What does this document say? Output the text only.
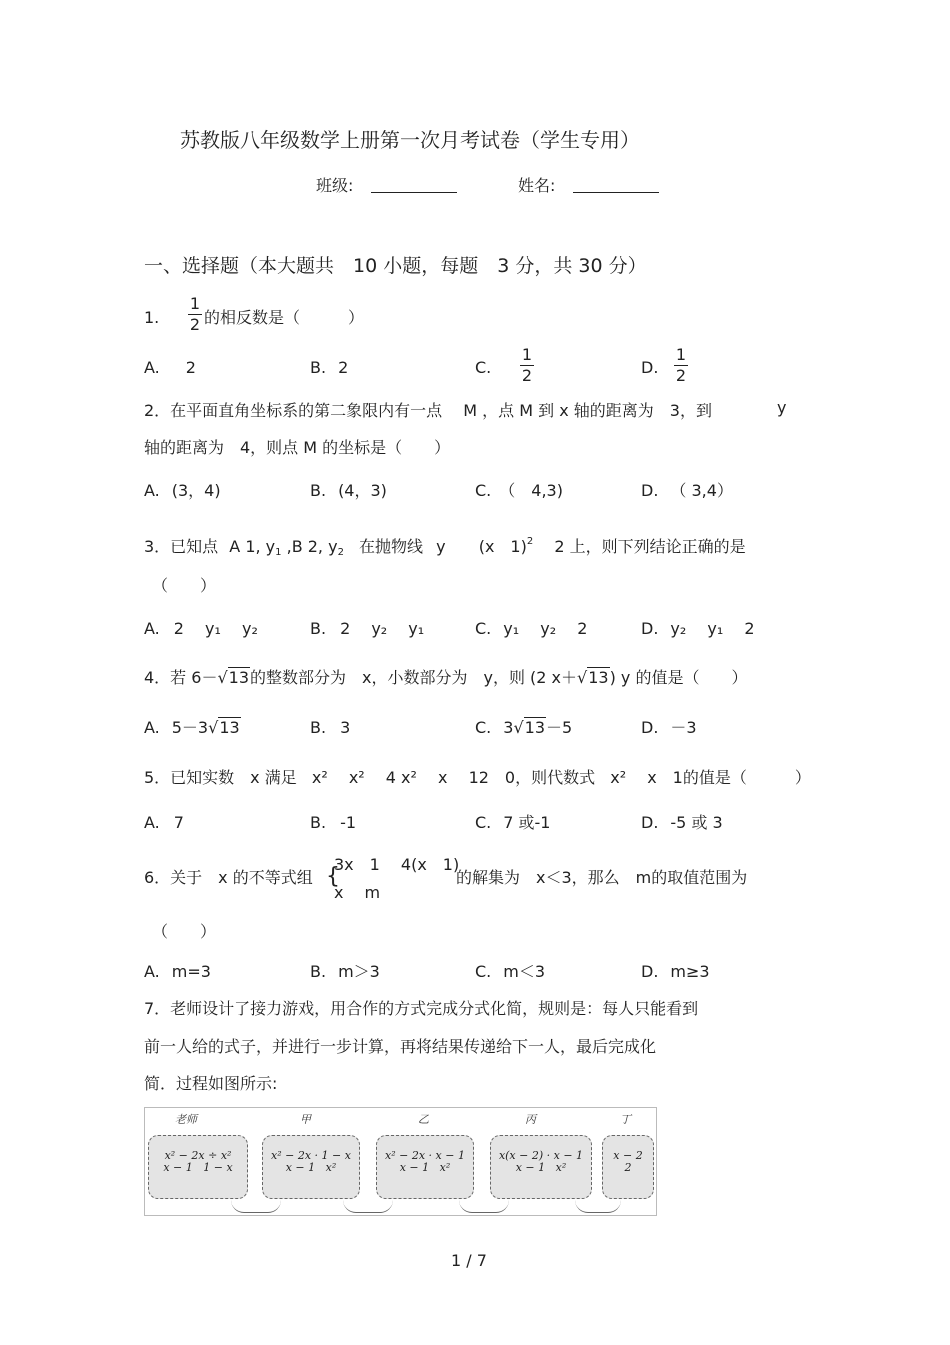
苏教版八年级数学上册第一次月考试卷（学生专用）
班级:	姓名:
一、选择题（本大题共　10 小题，每题　3 分，共 30 分）
1.
1
2 的相反数是（　　　）
A. 2	B. 2	C.
1
2	D.
1
2
2．在平面直角坐标系的第二象限内有一点　 M ，点 M 到 x 轴的距离为　3，到	y
轴的距离为　4，则点 M 的坐标是（　　）
A. (3，4)	B. (4，3)	C. （　4,3)	D. （ 3,4）
3．已知点 A 1, $y_1$ ,B 2, $y_2$ 在抛物线 y (x　1)$^2$ 2 上，则下列结论正确的是
（　　）
A. 2　 y₁　 y₂	B. 2　 y₂　 y₁	C. y₁　 y₂　 2	D. y₂　 y₁　 2
4．若 6－√13的整数部分为　x，小数部分为　y，则 (2 x＋√13) y 的值是（　　）
A. 5－3√13	B. 3	C. 3√13－5	D. －3
5．已知实数　x 满足 x²　 x²　 4 x²　 x　 12　0，则代数式 x²　 x　1的值是（　　　）
A. 7	B. -1	C. 7 或-1	D. -5 或 3
6．关于　x 的不等式组 {
3x　1　 4(x　1)
x　 m
的解集为　x＜3，那么　m的取值范围为
（　　）
A. m=3	B. m＞3	C. m＜3	D. m≥3
7．老师设计了接力游戏，用合作的方式完成分式化简，规则是：每人只能看到
前一人给的式子，并进行一步计算，再将结果传递给下一人，最后完成化
简．过程如图所示:
老师	甲	乙	丙	丁
x² − 2x ÷ x²
x − 1 1 − x
x² − 2x · 1 − x
x − 1 x²
x² − 2x · x − 1
x − 1 x²
x(x − 2) · x − 1
x − 1 x²
x − 2
2
1 / 7
